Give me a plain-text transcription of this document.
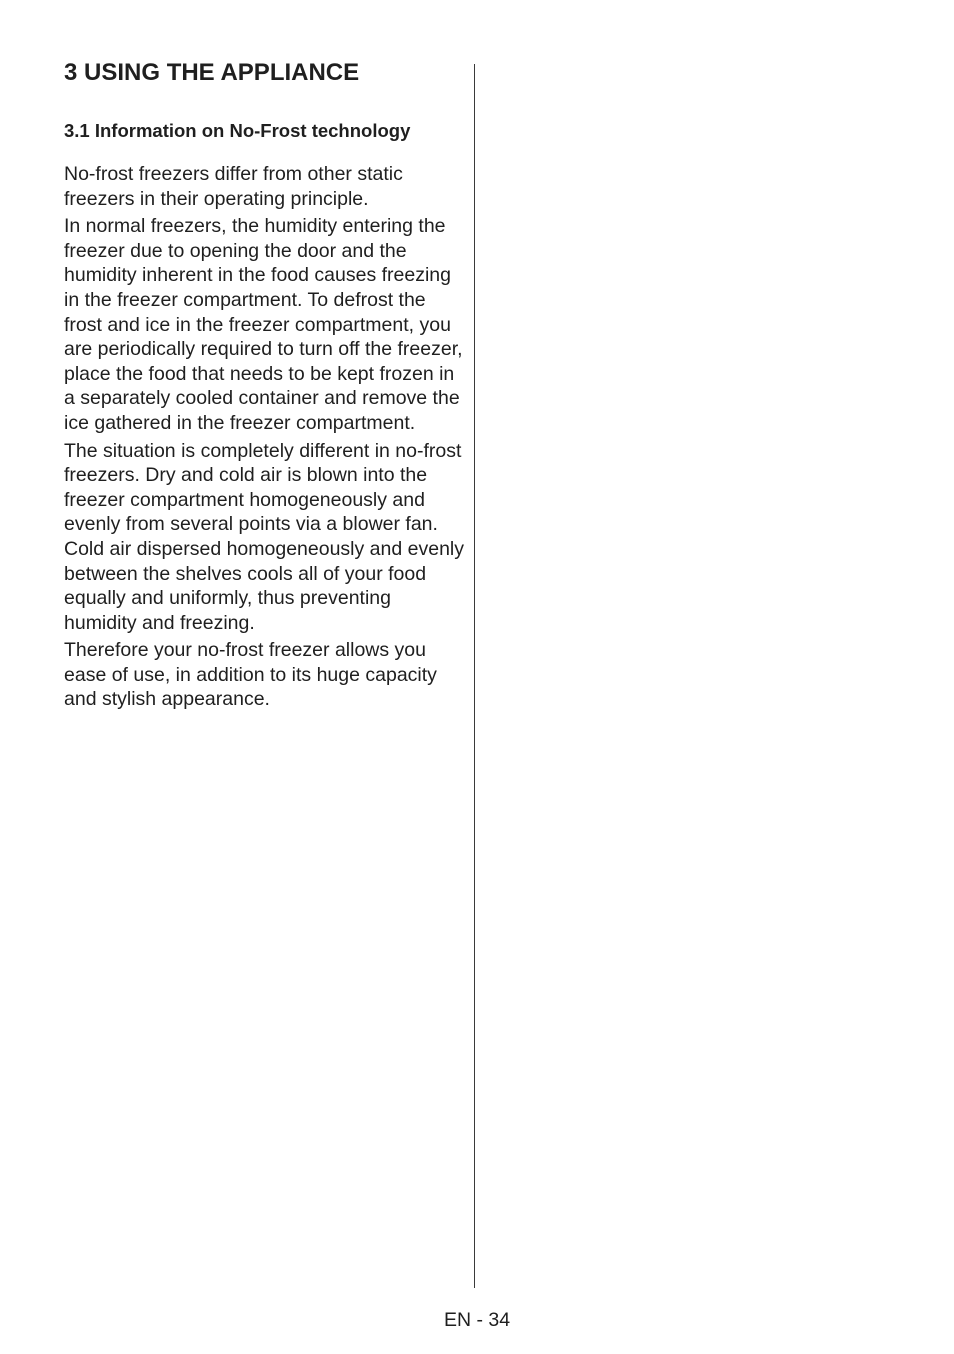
3 USING THE APPLIANCE
3.1 Information on No-Frost technology

No-frost freezers differ from other static freezers in their operating principle.

In normal freezers, the humidity entering the freezer due to opening the door and the humidity inherent in the food causes freezing in the freezer compartment. To defrost the frost and ice in the freezer compartment, you are periodically required to turn off the freezer, place the food that needs to be kept frozen in a separately cooled container and remove the ice gathered in the freezer compartment.

The situation is completely different in no-frost freezers. Dry and cold air is blown into the freezer compartment homogeneously and evenly from several points via a blower fan. Cold air dispersed homogeneously and evenly between the shelves cools all of your food equally and uniformly, thus preventing humidity and freezing.

Therefore your no-frost freezer allows you ease of use, in addition to its huge capacity and stylish appearance.

EN - 34
